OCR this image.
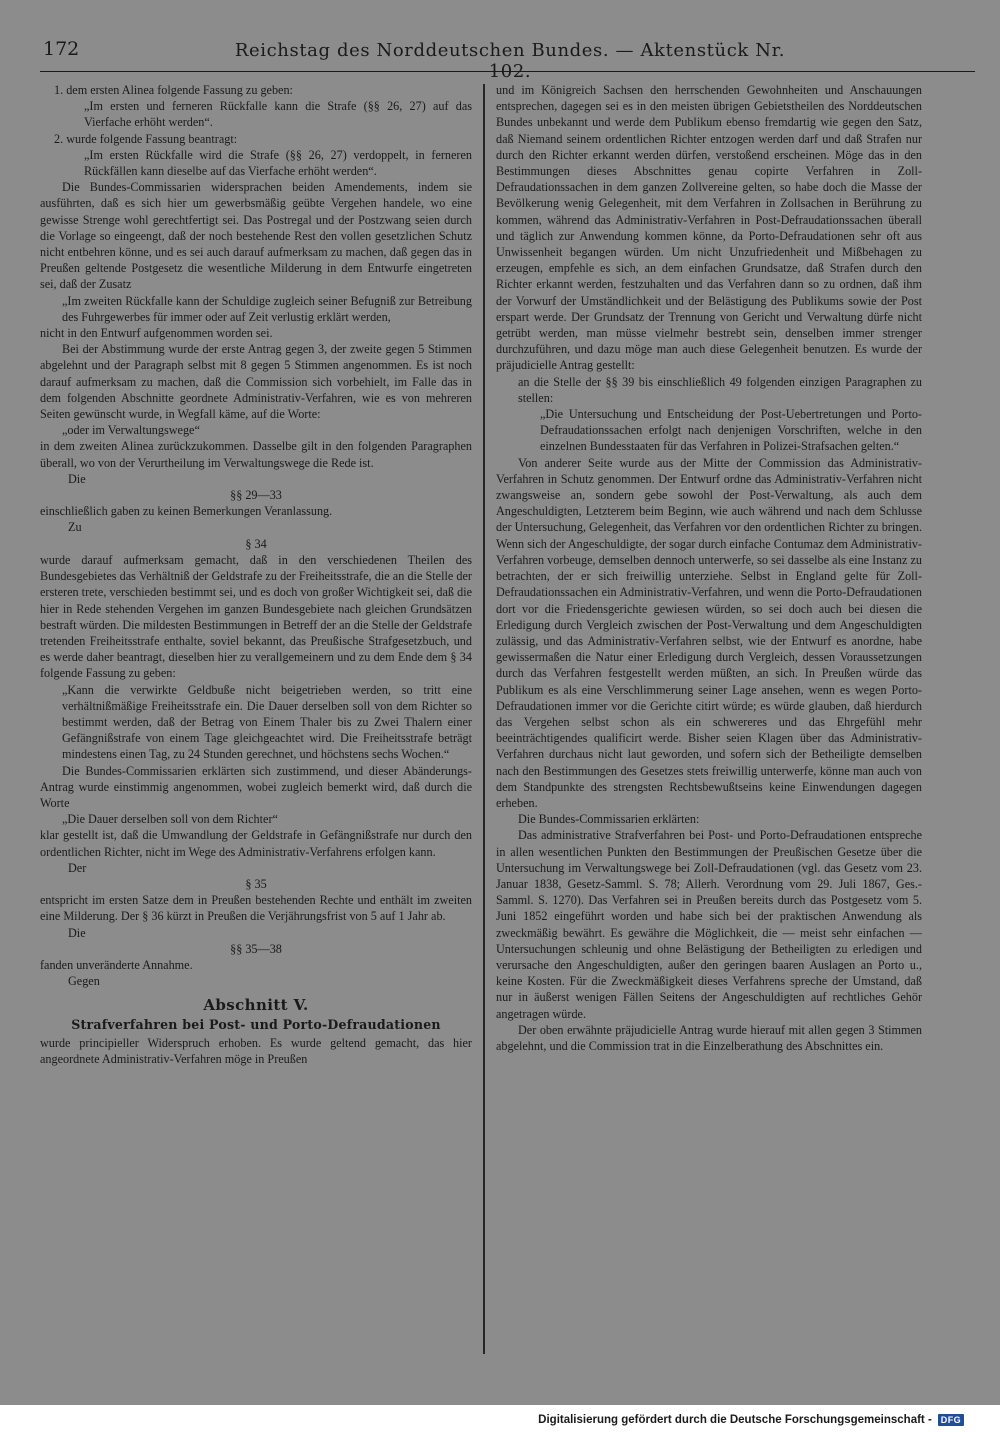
172	Reichstag des Norddeutschen Bundes. — Aktenstück Nr. 102.

1. dem ersten Alinea folgende Fassung zu geben:

„Im ersten und ferneren Rückfalle kann die Strafe (§§ 26, 27) auf das Vierfache erhöht werden“.

2. wurde folgende Fassung beantragt:

„Im ersten Rückfalle wird die Strafe (§§ 26, 27) verdoppelt, in ferneren Rückfällen kann dieselbe auf das Vierfache erhöht werden“.

Die Bundes-Commissarien widersprachen beiden Amendements, indem sie ausführten, daß es sich hier um gewerbsmäßig geübte Vergehen handele, wo eine gewisse Strenge wohl gerechtfertigt sei. Das Postregal und der Postzwang seien durch die Vorlage so eingeengt, daß der noch bestehende Rest den vollen gesetzlichen Schutz nicht entbehren könne, und es sei auch darauf aufmerksam zu machen, daß gegen das in Preußen geltende Postgesetz die wesentliche Milderung in dem Entwurfe eingetreten sei, daß der Zusatz

„Im zweiten Rückfalle kann der Schuldige zugleich seiner Befugniß zur Betreibung des Fuhrgewerbes für immer oder auf Zeit verlustig erklärt werden,

nicht in den Entwurf aufgenommen worden sei.

Bei der Abstimmung wurde der erste Antrag gegen 3, der zweite gegen 5 Stimmen abgelehnt und der Paragraph selbst mit 8 gegen 5 Stimmen angenommen. Es ist noch darauf aufmerksam zu machen, daß die Commission sich vorbehielt, im Falle das in dem folgenden Abschnitte geordnete Administrativ-Verfahren, wie es von mehreren Seiten gewünscht wurde, in Wegfall käme, auf die Worte:

„oder im Verwaltungswege“

in dem zweiten Alinea zurückzukommen. Dasselbe gilt in den folgenden Paragraphen überall, wo von der Verurtheilung im Verwaltungswege die Rede ist.

Die

§§ 29—33

einschließlich gaben zu keinen Bemerkungen Veranlassung.

Zu

§ 34

wurde darauf aufmerksam gemacht, daß in den verschiedenen Theilen des Bundesgebietes das Verhältniß der Geldstrafe zu der Freiheitsstrafe, die an die Stelle der ersteren trete, verschieden bestimmt sei, und es doch von großer Wichtigkeit sei, daß die hier in Rede stehenden Vergehen im ganzen Bundesgebiete nach gleichen Grundsätzen bestraft würden. Die mildesten Bestimmungen in Betreff der an die Stelle der Geldstrafe tretenden Freiheitsstrafe enthalte, soviel bekannt, das Preußische Strafgesetzbuch, und es werde daher beantragt, dieselben hier zu verallgemeinern und zu dem Ende dem § 34 folgende Fassung zu geben:

„Kann die verwirkte Geldbuße nicht beigetrieben werden, so tritt eine verhältnißmäßige Freiheitsstrafe ein. Die Dauer derselben soll von dem Richter so bestimmt werden, daß der Betrag von Einem Thaler bis zu Zwei Thalern einer Gefängnißstrafe von einem Tage gleichgeachtet wird. Die Freiheitsstrafe beträgt mindestens einen Tag, zu 24 Stunden gerechnet, und höchstens sechs Wochen.“

Die Bundes-Commissarien erklärten sich zustimmend, und dieser Abänderungs-Antrag wurde einstimmig angenommen, wobei zugleich bemerkt wird, daß durch die Worte

„Die Dauer derselben soll von dem Richter“

klar gestellt ist, daß die Umwandlung der Geldstrafe in Gefängnißstrafe nur durch den ordentlichen Richter, nicht im Wege des Administrativ-Verfahrens erfolgen kann.

Der

§ 35

entspricht im ersten Satze dem in Preußen bestehenden Rechte und enthält im zweiten eine Milderung. Der § 36 kürzt in Preußen die Verjährungsfrist von 5 auf 1 Jahr ab.

Die

§§ 35—38

fanden unveränderte Annahme.

Gegen

Abschnitt V.
Strafverfahren bei Post- und Porto-Defraudationen

wurde principieller Widerspruch erhoben. Es wurde geltend gemacht, das hier angeordnete Administrativ-Verfahren möge in Preußen

und im Königreich Sachsen den herrschenden Gewohnheiten und Anschauungen entsprechen, dagegen sei es in den meisten übrigen Gebietstheilen des Norddeutschen Bundes unbekannt und werde dem Publikum ebenso fremdartig wie gegen den Satz, daß Niemand seinem ordentlichen Richter entzogen werden darf und daß Strafen nur durch den Richter erkannt werden dürfen, verstoßend erscheinen. Möge das in den Bestimmungen dieses Abschnittes genau copirte Verfahren in Zoll-Defraudationssachen in dem ganzen Zollvereine gelten, so habe doch die Masse der Bevölkerung wenig Gelegenheit, mit dem Verfahren in Zollsachen in Berührung zu kommen, während das Administrativ-Verfahren in Post-Defraudationssachen überall und täglich zur Anwendung kommen könne, da Porto-Defraudationen sehr oft aus Unwissenheit begangen würden. Um nicht Unzufriedenheit und Mißbehagen zu erzeugen, empfehle es sich, an dem einfachen Grundsatze, daß Strafen durch den Richter erkannt werden, festzuhalten und das Verfahren dann so zu ordnen, daß ihm der Vorwurf der Umständlichkeit und der Belästigung des Publikums sowie der Post erspart werde. Der Grundsatz der Trennung von Gericht und Verwaltung dürfe nicht getrübt werden, man müsse vielmehr bestrebt sein, denselben immer strenger durchzuführen, und dazu möge man auch diese Gelegenheit benutzen. Es wurde der präjudicielle Antrag gestellt:

an die Stelle der §§ 39 bis einschließlich 49 folgenden einzigen Paragraphen zu stellen:

„Die Untersuchung und Entscheidung der Post-Uebertretungen und Porto-Defraudationssachen erfolgt nach denjenigen Vorschriften, welche in den einzelnen Bundesstaaten für das Verfahren in Polizei-Strafsachen gelten.“

Von anderer Seite wurde aus der Mitte der Commission das Administrativ-Verfahren in Schutz genommen. Der Entwurf ordne das Administrativ-Verfahren nicht zwangsweise an, sondern gebe sowohl der Post-Verwaltung, als auch dem Angeschuldigten, Letzterem beim Beginn, wie auch während und nach dem Schlusse der Untersuchung, Gelegenheit, das Verfahren vor den ordentlichen Richter zu bringen. Wenn sich der Angeschuldigte, der sogar durch einfache Contumaz dem Administrativ-Verfahren vorbeuge, demselben dennoch unterwerfe, so sei dasselbe als eine Instanz zu betrachten, der er sich freiwillig unterziehe. Selbst in England gelte für Zoll-Defraudationssachen ein Administrativ-Verfahren, und wenn die Porto-Defraudationen dort vor die Friedensgerichte gewiesen würden, so sei doch auch bei diesen die Erledigung durch Vergleich zwischen der Post-Verwaltung und dem Angeschuldigten zulässig, und das Administrativ-Verfahren selbst, wie der Entwurf es anordne, habe gewissermaßen die Natur einer Erledigung durch Vergleich, dessen Voraussetzungen durch das Verfahren festgestellt werden müßten, an sich. In Preußen würde das Publikum es als eine Verschlimmerung seiner Lage ansehen, wenn es wegen Porto-Defraudationen immer vor die Gerichte citirt würde; es würde glauben, daß hierdurch das Vergehen selbst schon als ein schwereres und das Ehrgefühl mehr beeinträchtigendes qualificirt werde. Bisher seien Klagen über das Administrativ-Verfahren durchaus nicht laut geworden, und sofern sich der Betheiligte demselben nach den Bestimmungen des Gesetzes stets freiwillig unterwerfe, könne man auch von dem Standpunkte des strengsten Rechtsbewußtseins keine Einwendungen dagegen erheben.

Die Bundes-Commissarien erklärten:

Das administrative Strafverfahren bei Post- und Porto-Defraudationen entspreche in allen wesentlichen Punkten den Bestimmungen der Preußischen Gesetze über die Untersuchung im Verwaltungswege bei Zoll-Defraudationen (vgl. das Gesetz vom 23. Januar 1838, Gesetz-Samml. S. 78; Allerh. Verordnung vom 29. Juli 1867, Ges.-Samml. S. 1270). Das Verfahren sei in Preußen bereits durch das Postgesetz vom 5. Juni 1852 eingeführt worden und habe sich bei der praktischen Anwendung als zweckmäßig bewährt. Es gewähre die Möglichkeit, die — meist sehr einfachen — Untersuchungen schleunig und ohne Belästigung der Betheiligten zu erledigen und verursache den Angeschuldigten, außer den geringen baaren Auslagen an Porto u., keine Kosten. Für die Zweckmäßigkeit dieses Verfahrens spreche der Umstand, daß nur in äußerst wenigen Fällen Seitens der Angeschuldigten auf rechtliches Gehör angetragen würde.

Der oben erwähnte präjudicielle Antrag wurde hierauf mit allen gegen 3 Stimmen abgelehnt, und die Commission trat in die Einzelberathung des Abschnittes ein.

Digitalisierung gefördert durch die Deutsche Forschungsgemeinschaft -	DFG
